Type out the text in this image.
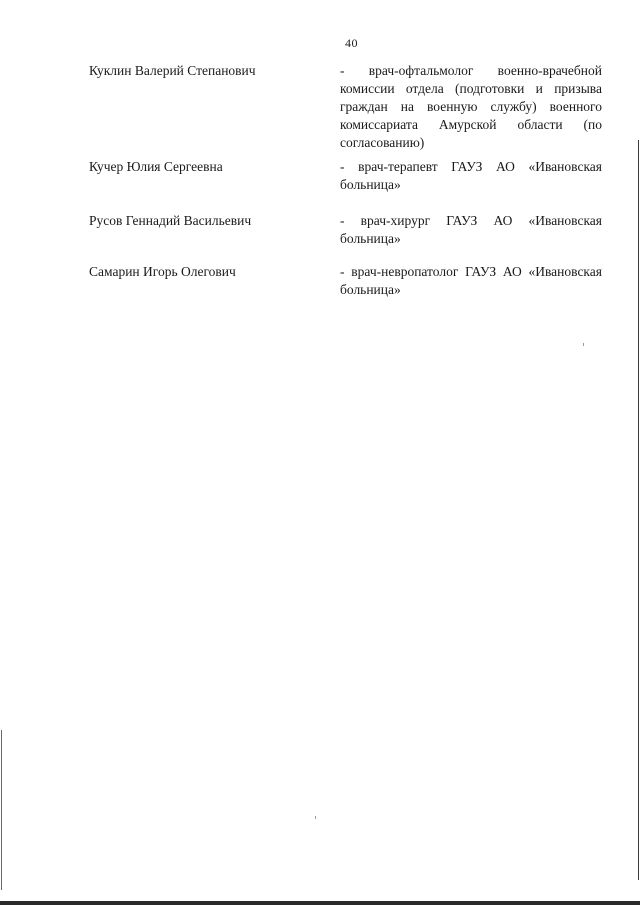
40
Куклин Валерий Степанович	- врач-офтальмолог военно-врачебной комиссии отдела (подготовки и призыва граждан на военную службу) военного комиссариата Амурской области (по согласованию)
Кучер Юлия Сергеевна	- врач-терапевт ГАУЗ АО «Ивановская больница»
Русов Геннадий Васильевич	- врач-хирург ГАУЗ АО «Ивановская больница»
Самарин Игорь Олегович	- врач-невропатолог ГАУЗ АО «Ивановская больница»
